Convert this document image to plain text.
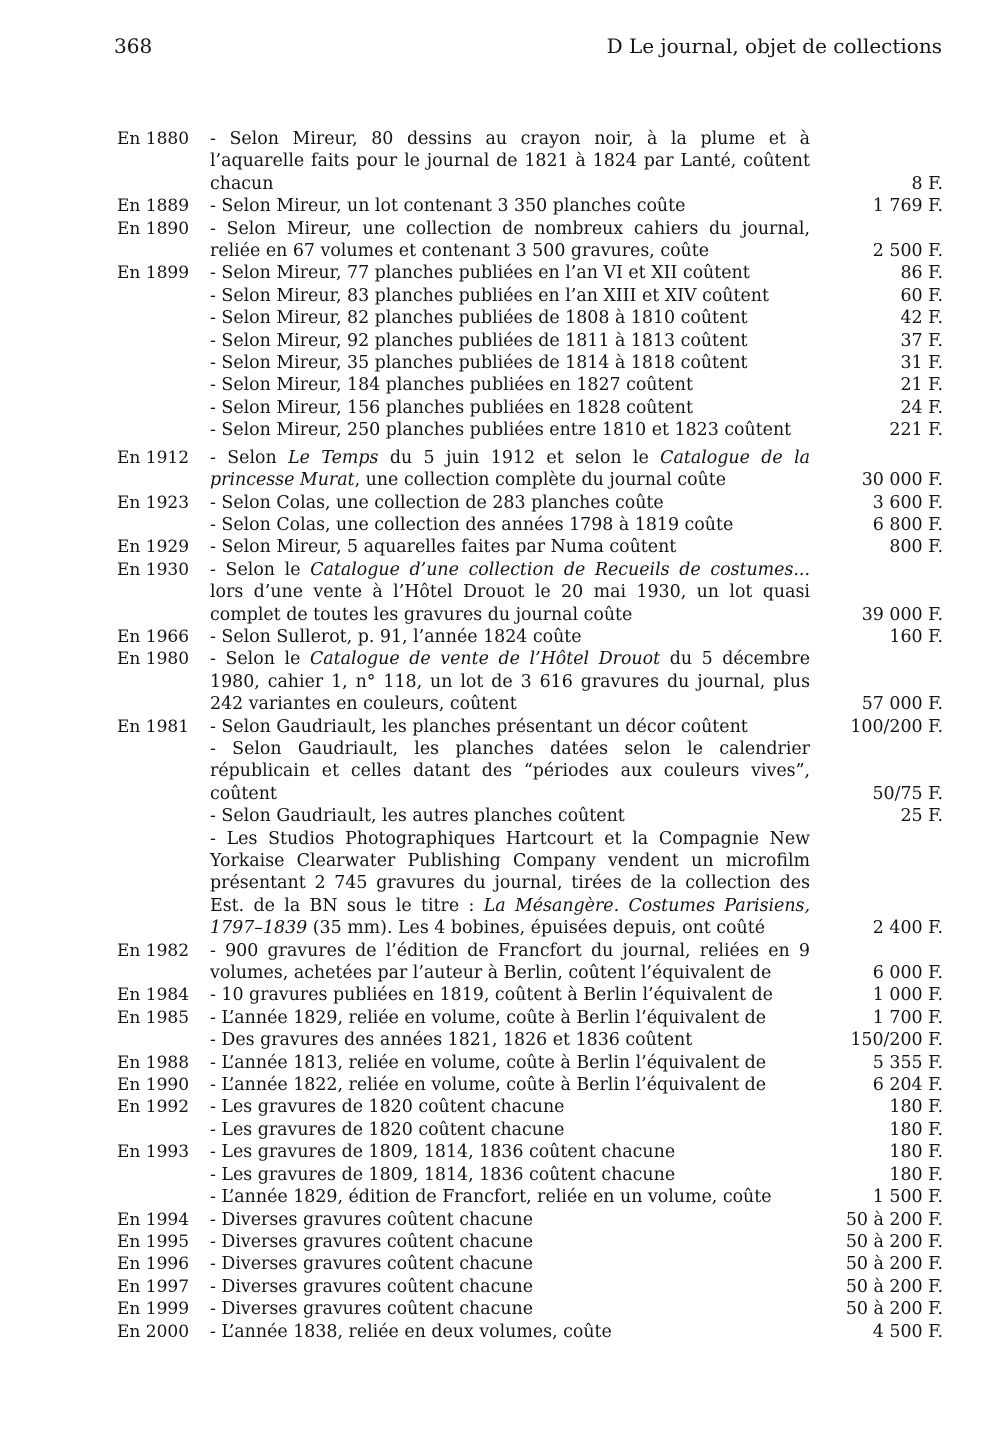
368	D Le journal, objet de collections
En 1880	- Selon Mireur, 80 dessins au crayon noir, à la plume et à l’aquarelle faits pour le journal de 1821 à 1824 par Lanté, coûtent chacun	8 F.
En 1889	- Selon Mireur, un lot contenant 3 350 planches coûte	1 769 F.
En 1890	- Selon Mireur, une collection de nombreux cahiers du journal, reliée en 67 volumes et contenant 3 500 gravures, coûte	2 500 F.
En 1899	- Selon Mireur, 77 planches publiées en l’an VI et XII coûtent	86 F.
- Selon Mireur, 83 planches publiées en l’an XIII et XIV coûtent	60 F.
- Selon Mireur, 82 planches publiées de 1808 à 1810 coûtent	42 F.
- Selon Mireur, 92 planches publiées de 1811 à 1813 coûtent	37 F.
- Selon Mireur, 35 planches publiées de 1814 à 1818 coûtent	31 F.
- Selon Mireur, 184 planches publiées en 1827 coûtent	21 F.
- Selon Mireur, 156 planches publiées en 1828 coûtent	24 F.
- Selon Mireur, 250 planches publiées entre 1810 et 1823 coûtent	221 F.
En 1912	- Selon Le Temps du 5 juin 1912 et selon le Catalogue de la princesse Murat, une collection complète du journal coûte	30 000 F.
En 1923	- Selon Colas, une collection de 283 planches coûte	3 600 F.
- Selon Colas, une collection des années 1798 à 1819 coûte	6 800 F.
En 1929	- Selon Mireur, 5 aquarelles faites par Numa coûtent	800 F.
En 1930	- Selon le Catalogue d’une collection de Recueils de costumes... lors d’une vente à l’Hôtel Drouot le 20 mai 1930, un lot quasi complet de toutes les gravures du journal coûte	39 000 F.
En 1966	- Selon Sullerot, p. 91, l’année 1824 coûte	160 F.
En 1980	- Selon le Catalogue de vente de l’Hôtel Drouot du 5 décembre 1980, cahier 1, n° 118, un lot de 3 616 gravures du journal, plus 242 variantes en couleurs, coûtent	57 000 F.
En 1981	- Selon Gaudriault, les planches présentant un décor coûtent	100/200 F.
- Selon Gaudriault, les planches datées selon le calendrier républicain et celles datant des “périodes aux couleurs vives”, coûtent	50/75 F.
- Selon Gaudriault, les autres planches coûtent	25 F.
- Les Studios Photographiques Hartcourt et la Compagnie New Yorkaise Clearwater Publishing Company vendent un microfilm présentant 2 745 gravures du journal, tirées de la collection des Est. de la BN sous le titre : La Mésangère. Costumes Parisiens, 1797–1839 (35 mm). Les 4 bobines, épuisées depuis, ont coûté	2 400 F.
En 1982	- 900 gravures de l’édition de Francfort du journal, reliées en 9 volumes, achetées par l’auteur à Berlin, coûtent l’équivalent de	6 000 F.
En 1984	- 10 gravures publiées en 1819, coûtent à Berlin l’équivalent de	1 000 F.
En 1985	- L’année 1829, reliée en volume, coûte à Berlin l’équivalent de	1 700 F.
- Des gravures des années 1821, 1826 et 1836 coûtent	150/200 F.
En 1988	- L’année 1813, reliée en volume, coûte à Berlin l’équivalent de	5 355 F.
En 1990	- L’année 1822, reliée en volume, coûte à Berlin l’équivalent de	6 204 F.
En 1992	- Les gravures de 1820 coûtent chacune	180 F.
- Les gravures de 1820 coûtent chacune	180 F.
En 1993	- Les gravures de 1809, 1814, 1836 coûtent chacune	180 F.
- Les gravures de 1809, 1814, 1836 coûtent chacune	180 F.
- L’année 1829, édition de Francfort, reliée en un volume, coûte	1 500 F.
En 1994	- Diverses gravures coûtent chacune	50 à 200 F.
En 1995	- Diverses gravures coûtent chacune	50 à 200 F.
En 1996	- Diverses gravures coûtent chacune	50 à 200 F.
En 1997	- Diverses gravures coûtent chacune	50 à 200 F.
En 1999	- Diverses gravures coûtent chacune	50 à 200 F.
En 2000	- L’année 1838, reliée en deux volumes, coûte	4 500 F.
